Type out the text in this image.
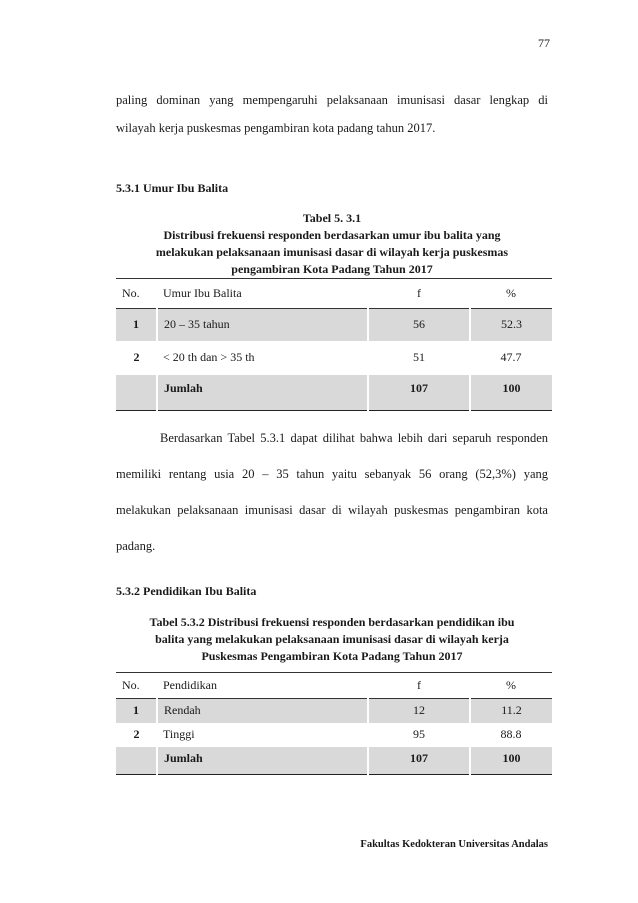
77
paling dominan yang mempengaruhi pelaksanaan imunisasi dasar lengkap di
wilayah kerja puskesmas pengambiran kota padang tahun 2017.
5.3.1 Umur Ibu Balita
Tabel 5. 3.1
Distribusi frekuensi responden berdasarkan umur ibu balita yang
melakukan pelaksanaan imunisasi dasar di wilayah kerja puskesmas
pengambiran Kota Padang Tahun 2017
No.	Umur Ibu Balita	f	%
1	20 – 35 tahun	56	52.3
2	< 20 th dan > 35 th	51	47.7
	Jumlah	107	100
Berdasarkan Tabel 5.3.1 dapat dilihat bahwa lebih dari separuh responden
memiliki rentang usia 20 – 35 tahun yaitu sebanyak 56 orang (52,3%) yang
melakukan pelaksanaan imunisasi dasar di wilayah puskesmas pengambiran kota
padang.
5.3.2 Pendidikan Ibu Balita
Tabel 5.3.2 Distribusi frekuensi responden berdasarkan pendidikan ibu
balita yang melakukan pelaksanaan imunisasi dasar di wilayah kerja
Puskesmas Pengambiran Kota Padang Tahun 2017
No.	Pendidikan	f	%
1	Rendah	12	11.2
2	Tinggi	95	88.8
	Jumlah	107	100
Fakultas Kedokteran Universitas Andalas
